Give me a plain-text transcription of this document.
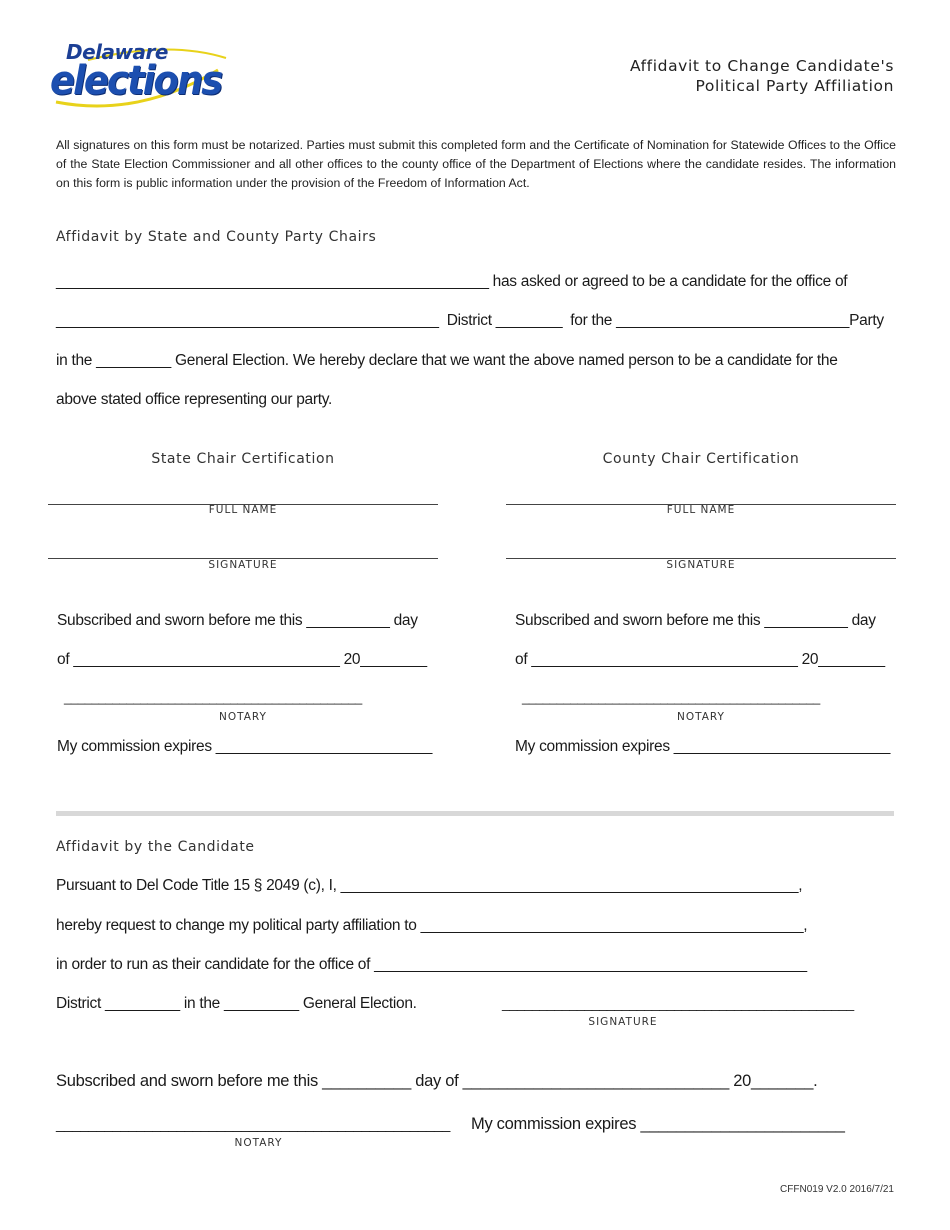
Delaware
elections	Affidavit to Change Candidate's
Political Party Affiliation
All signatures on this form must be notarized. Parties must submit this completed form and the Certificate of Nomination for Statewide Offices to the Office of the State Election Commissioner and all other offices to the county office of the Department of Elections where the candidate resides. The information on this form is public information under the provision of the Freedom of Information Act.
Affidavit by State and County Party Chairs
____________________________________________________ has asked or agreed to be a candidate for the office of
______________________________________________  District ________  for the ____________________________Party
in the _________ General Election. We hereby declare that we want the above named person to be a candidate for the
above stated office representing our party.
State Chair Certification
FULL NAME
SIGNATURE
Subscribed and sworn before me this __________ day
of ________________________________ 20________
___________________________________________
NOTARY
My commission expires __________________________
County Chair Certification
FULL NAME
SIGNATURE
Subscribed and sworn before me this __________ day
of ________________________________ 20________
___________________________________________
NOTARY
My commission expires __________________________
Affidavit by the Candidate
Pursuant to Del Code Title 15 § 2049 (c), I, _______________________________________________________,
hereby request to change my political party affiliation to ______________________________________________,
in order to run as their candidate for the office of ____________________________________________________
District _________ in the _________ General Election.	_______________________________________________
SIGNATURE
Subscribed and sworn before me this __________ day of ______________________________ 20_______.
_________________________________________________
NOTARY
My commission expires _______________________
CFFN019 V2.0 2016/7/21
